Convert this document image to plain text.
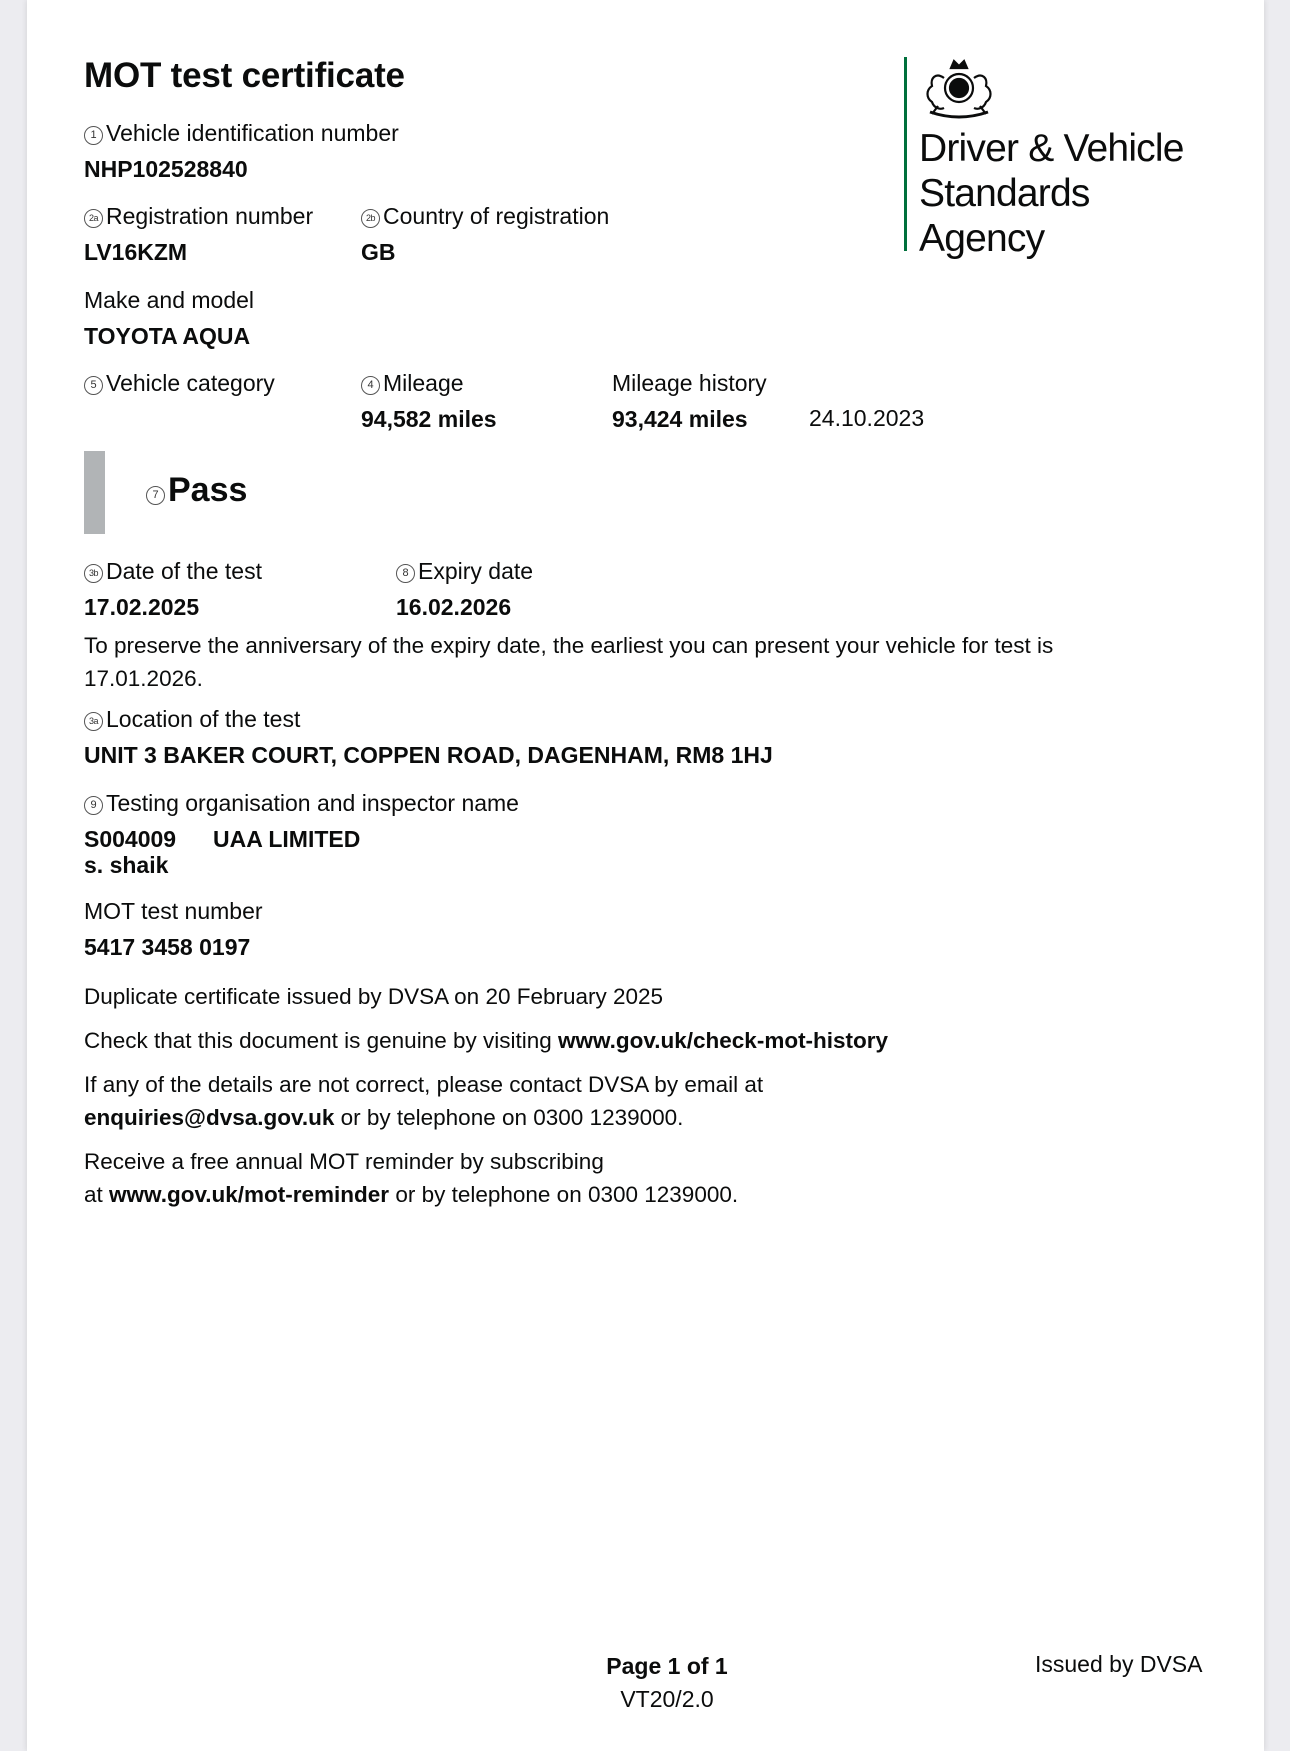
MOT test certificate
Driver & Vehicle
Standards
Agency
1 Vehicle identification number
NHP102528840
2a Registration number
LV16KZM
2b Country of registration
GB
Make and model
TOYOTA AQUA
5 Vehicle category	4 Mileage
94,582 miles
Mileage history
93,424 miles	24.10.2023
7 Pass
3b Date of the test
17.02.2025
8 Expiry date
16.02.2026
To preserve the anniversary of the expiry date, the earliest you can present your vehicle for test is
17.01.2026.
3a Location of the test
UNIT 3 BAKER COURT, COPPEN ROAD, DAGENHAM, RM8 1HJ
9 Testing organisation and inspector name
S004009 UAA LIMITED
s. shaik
MOT test number
5417 3458 0197
Duplicate certificate issued by DVSA on 20 February 2025
Check that this document is genuine by visiting www.gov.uk/check-mot-history
If any of the details are not correct, please contact DVSA by email at
enquiries@dvsa.gov.uk or by telephone on 0300 1239000.
Receive a free annual MOT reminder by subscribing
at www.gov.uk/mot-reminder or by telephone on 0300 1239000.
Page 1 of 1
VT20/2.0
Issued by DVSA
